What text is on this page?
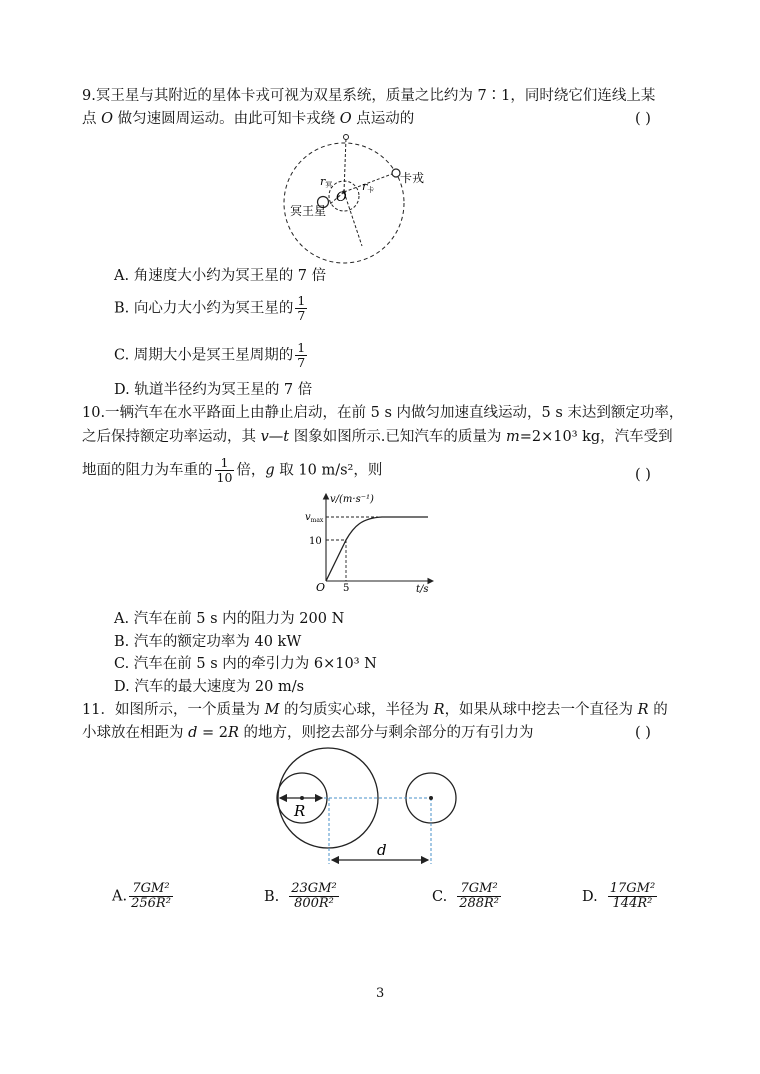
9.冥王星与其附近的星体卡戎可视为双星系统，质量之比约为 7∶1，同时绕它们连线上某
点 O 做匀速圆周运动。由此可知卡戎绕 O 点运动的	( )
O
r冥	r卡
卡戎
冥王星
A. 角速度大小约为冥王星的 7 倍
B. 向心力大小约为冥王星的 $\frac{1}{7}$
C. 周期大小是冥王星周期的 $\frac{1}{7}$
D. 轨道半径约为冥王星的 7 倍
10.一辆汽车在水平路面上由静止启动，在前 5 s 内做匀加速直线运动，5 s 末达到额定功率，
之后保持额定功率运动，其 v—t 图象如图所示.已知汽车的质量为 m=2×10³ kg，汽车受到
地面的阻力为车重的 $\frac{1}{10}$ 倍，g 取 10 m/s²，则	( )
v/(m·s⁻¹)
$v_{max}$
10
O 5	t/s
A. 汽车在前 5 s 内的阻力为 200 N
B. 汽车的额定功率为 40 kW
C. 汽车在前 5 s 内的牵引力为 6×10³ N
D. 汽车的最大速度为 20 m/s
11．如图所示，一个质量为 M 的匀质实心球，半径为 R，如果从球中挖去一个直径为 R 的
小球放在相距为 d = 2R 的地方，则挖去部分与剩余部分的万有引力为	( )
R
d
A. $\frac{\text{7GM²}}{\text{256R²}}$	B. $\frac{\text{23GM²}}{\text{800R²}}$	C. $\frac{\text{7GM²}}{\text{288R²}}$	D. $\frac{\text{17GM²}}{\text{144R²}}$
3
